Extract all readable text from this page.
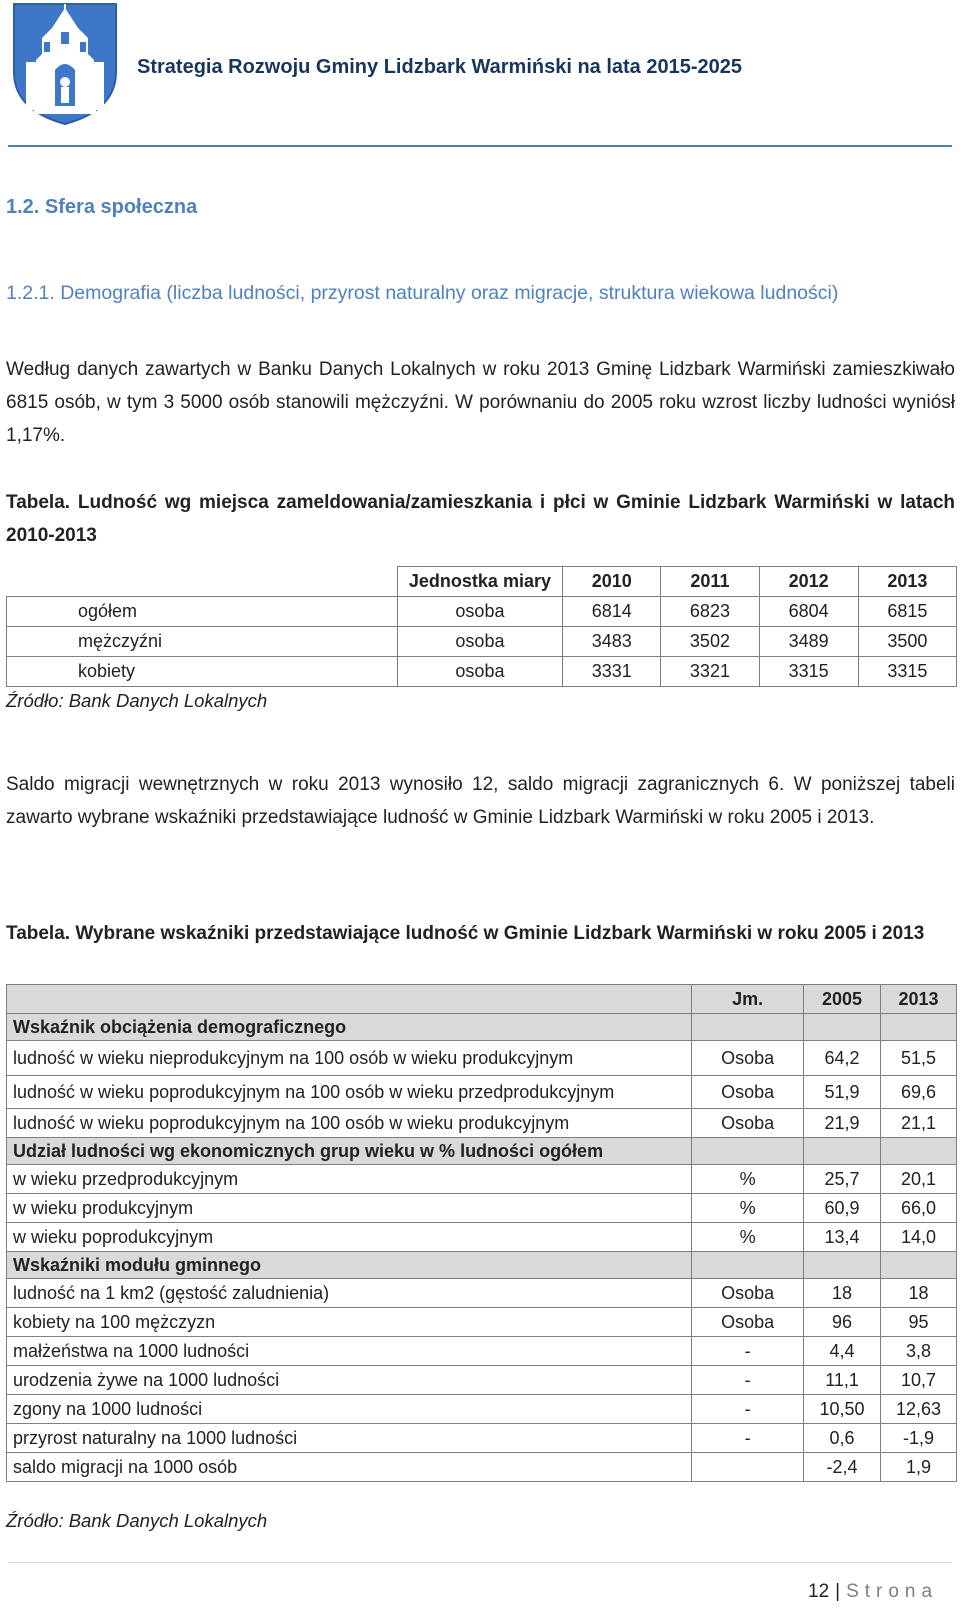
Strategia Rozwoju Gminy Lidzbark Warmiński na lata 2015-2025
1.2. Sfera społeczna
1.2.1. Demografia (liczba ludności, przyrost naturalny oraz migracje, struktura wiekowa ludności)
Według danych zawartych w Banku Danych Lokalnych w roku 2013 Gminę Lidzbark Warmiński zamieszkiwało 6815 osób, w tym 3 5000 osób stanowili mężczyźni. W porównaniu do 2005 roku wzrost liczby ludności wyniósł 1,17%.
Tabela. Ludność wg miejsca zameldowania/zamieszkania i płci w Gminie Lidzbark Warmiński w latach 2010-2013
	Jednostka miary	2010	2011	2012	2013
ogółem	osoba	6814	6823	6804	6815
mężczyźni	osoba	3483	3502	3489	3500
kobiety	osoba	3331	3321	3315	3315
Źródło: Bank Danych Lokalnych
Saldo migracji wewnętrznych w roku 2013 wynosiło 12, saldo migracji zagranicznych 6. W poniższej tabeli zawarto wybrane wskaźniki przedstawiające ludność w Gminie Lidzbark Warmiński w roku 2005 i 2013.
Tabela. Wybrane wskaźniki przedstawiające ludność w Gminie Lidzbark Warmiński w roku 2005 i 2013
	Jm.	2005	2013
Wskaźnik obciążenia demograficznego			
ludność w wieku nieprodukcyjnym na 100 osób w wieku produkcyjnym	Osoba	64,2	51,5
ludność w wieku poprodukcyjnym na 100 osób w wieku przedprodukcyjnym	Osoba	51,9	69,6
ludność w wieku poprodukcyjnym na 100 osób w wieku produkcyjnym	Osoba	21,9	21,1
Udział ludności wg ekonomicznych grup wieku w % ludności ogółem			
w wieku przedprodukcyjnym	%	25,7	20,1
w wieku produkcyjnym	%	60,9	66,0
w wieku poprodukcyjnym	%	13,4	14,0
Wskaźniki modułu gminnego			
ludność na 1 km2 (gęstość zaludnienia)	Osoba	18	18
kobiety na 100 mężczyzn	Osoba	96	95
małżeństwa na 1000 ludności	-	4,4	3,8
urodzenia żywe na 1000 ludności	-	11,1	10,7
zgony na 1000 ludności	-	10,50	12,63
przyrost naturalny na 1000 ludności	-	0,6	-1,9
saldo migracji na 1000 osób		-2,4	1,9
Źródło: Bank Danych Lokalnych
12 | Strona
